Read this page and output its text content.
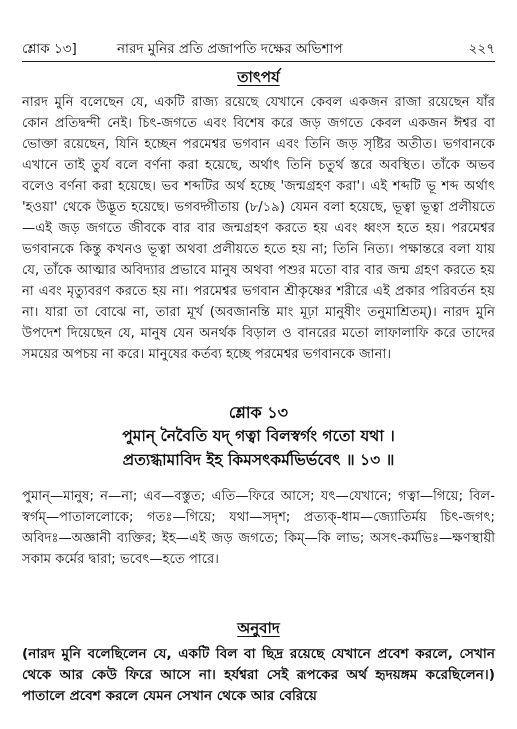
শ্লোক ১৩]	নারদ মুনির প্রতি প্রজাপতি দক্ষের অভিশাপ	২২৭
তাৎপর্য
নারদ মুনি বলেছেন যে, একটি রাজ্য রয়েছে যেখানে কেবল একজন রাজা রয়েছেন যাঁর কোন প্রতিদ্বন্দী নেই। চিৎ-জগতে এবং বিশেষ করে জড় জগতে কেবল একজন ঈশ্বর বা ভোক্তা রয়েছেন, যিনি হচ্ছেন পরমেশ্বর ভগবান এবং তিনি জড় সৃষ্টির অতীত। ভগবানকে এখানে তাই তুর্য বলে বর্ণনা করা হয়েছে, অর্থাৎ তিনি চতুর্থ স্তরে অবস্থিত। তাঁকে অভব বলেও বর্ণনা করা হয়েছে। ভব শব্দটির অর্থ হচ্ছে 'জন্মগ্রহণ করা'। এই শব্দটি ভূ শব্দ অর্থাৎ 'হওয়া' থেকে উদ্ভূত হয়েছে। ভগবদ্গীতায় (৮/১৯) যেমন বলা হয়েছে, ভূত্বা ভূত্বা প্রলীয়তে—এই জড় জগতে জীবকে বার বার জন্মগ্রহণ করতে হয় এবং ধ্বংস হতে হয়। পরমেশ্বর ভগবানকে কিন্তু কখনও ভূত্বা অথবা প্রলীয়তে হতে হয় না; তিনি নিত্য। পক্ষান্তরে বলা যায় যে, তাঁকে আত্মার অবিদ্যার প্রভাবে মানুষ অথবা পশুর মতো বার বার জন্ম গ্রহণ করতে হয় না এবং মৃত্যুবরণ করতে হয় না। পরমেশ্বর ভগবান শ্রীকৃষ্ণের শরীরে এই প্রকার পরিবর্তন হয় না। যারা তা বোঝে না, তারা মূর্খ (অবজানন্তি মাং মূঢ়া মানুষীং তনুমাশ্রিতম্)। নারদ মুনি উপদেশ দিয়েছেন যে, মানুষ যেন অনর্থক বিড়াল ও বানরের মতো লাফালাফি করে তাদের সময়ের অপচয় না করে। মানুষের কর্তব্য হচ্ছে পরমেশ্বর ভগবানকে জানা।
শ্লোক ১৩
পুমান্ নৈবৈতি যদ্ গত্বা বিলস্বর্গং গতো যথা ।
প্রত্যগ্ধামাবিদ ইহ কিমসৎকর্মভির্ভবেৎ ॥ ১৩ ॥
পুমান্—মানুষ; ন—না; এব—বস্তুত; এতি—ফিরে আসে; যৎ—যেখানে; গত্বা—গিয়ে; বিল-স্বর্গম্—পাতাললোকে; গতঃ—গিয়ে; যথা—সদৃশ; প্রত্যক্-ধাম—জ্যোতির্ময় চিৎ-জগৎ; অবিদঃ—অজ্ঞানী ব্যক্তির; ইহ—এই জড় জগতে; কিম্—কি লাভ; অসৎ-কর্মভিঃ—ক্ষণস্থায়ী সকাম কর্মের দ্বারা; ভবেৎ—হতে পারে।
অনুবাদ
(নারদ মুনি বলেছিলেন যে, একটি বিল বা ছিদ্র রয়েছে যেখানে প্রবেশ করলে, সেখান থেকে আর কেউ ফিরে আসে না। হর্যশ্বরা সেই রূপকের অর্থ হৃদয়ঙ্গম করেছিলেন।) পাতালে প্রবেশ করলে যেমন সেখান থেকে আর বেরিয়ে
